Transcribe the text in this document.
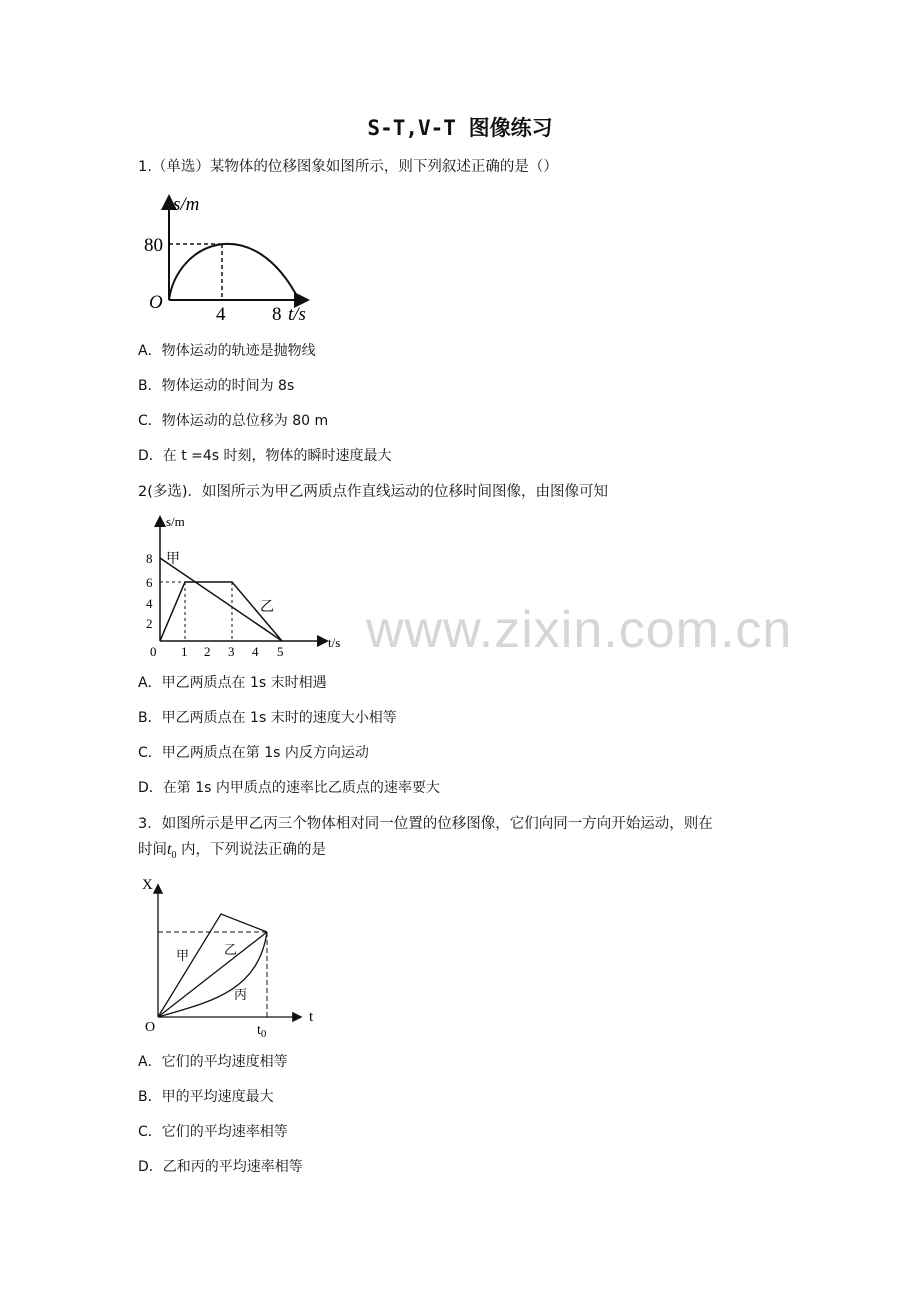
www.zixin.com.cn
S-T,V-T 图像练习
1.（单选）某物体的位移图象如图所示，则下列叙述正确的是（）
s/m
80
O
4 8 t/s
A．物体运动的轨迹是抛物线
B．物体运动的时间为 8s
C．物体运动的总位移为 80 m
D．在 t =4s 时刻，物体的瞬时速度最大
2(多选)．如图所示为甲乙两质点作直线运动的位移时间图像，由图像可知
s/m
8
6
4
2
0 1 2 3 4 5
t/s
甲
乙
A．甲乙两质点在 1s 末时相遇
B．甲乙两质点在 1s 末时的速度大小相等
C．甲乙两质点在第 1s 内反方向运动
D．在第 1s 内甲质点的速率比乙质点的速率要大
3．如图所示是甲乙丙三个物体相对同一位置的位移图像，它们向同一方向开始运动，则在
时间$t_0$ 内，下列说法正确的是
X
O
t
$t_0$
甲	乙
丙
A．它们的平均速度相等
B．甲的平均速度最大
C．它们的平均速率相等
D．乙和丙的平均速率相等
